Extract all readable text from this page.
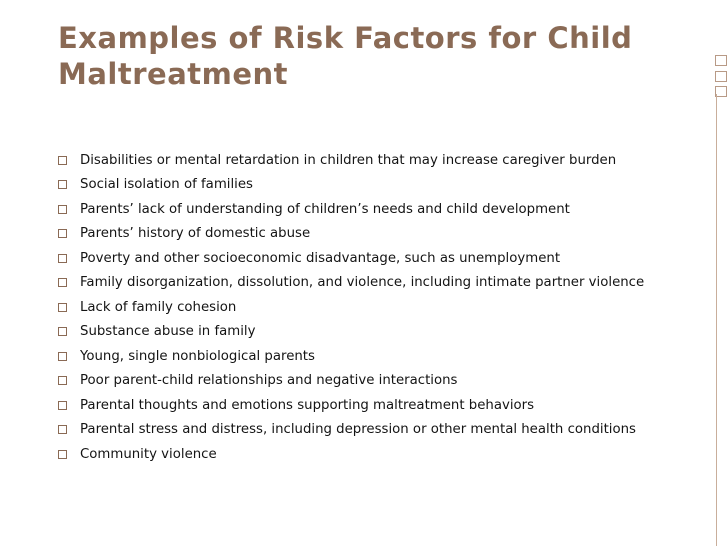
Examples of Risk Factors for Child Maltreatment
Disabilities or mental retardation in children that may increase caregiver burden
Social isolation of families
Parents’ lack of understanding of children’s needs and child development
Parents’ history of domestic abuse
Poverty and other socioeconomic disadvantage, such as unemployment
Family disorganization, dissolution, and violence, including intimate partner violence
Lack of family cohesion
Substance abuse in family
Young, single nonbiological parents
Poor parent-child relationships and negative interactions
Parental thoughts and emotions supporting maltreatment behaviors
Parental stress and distress, including depression or other mental health conditions
Community violence
